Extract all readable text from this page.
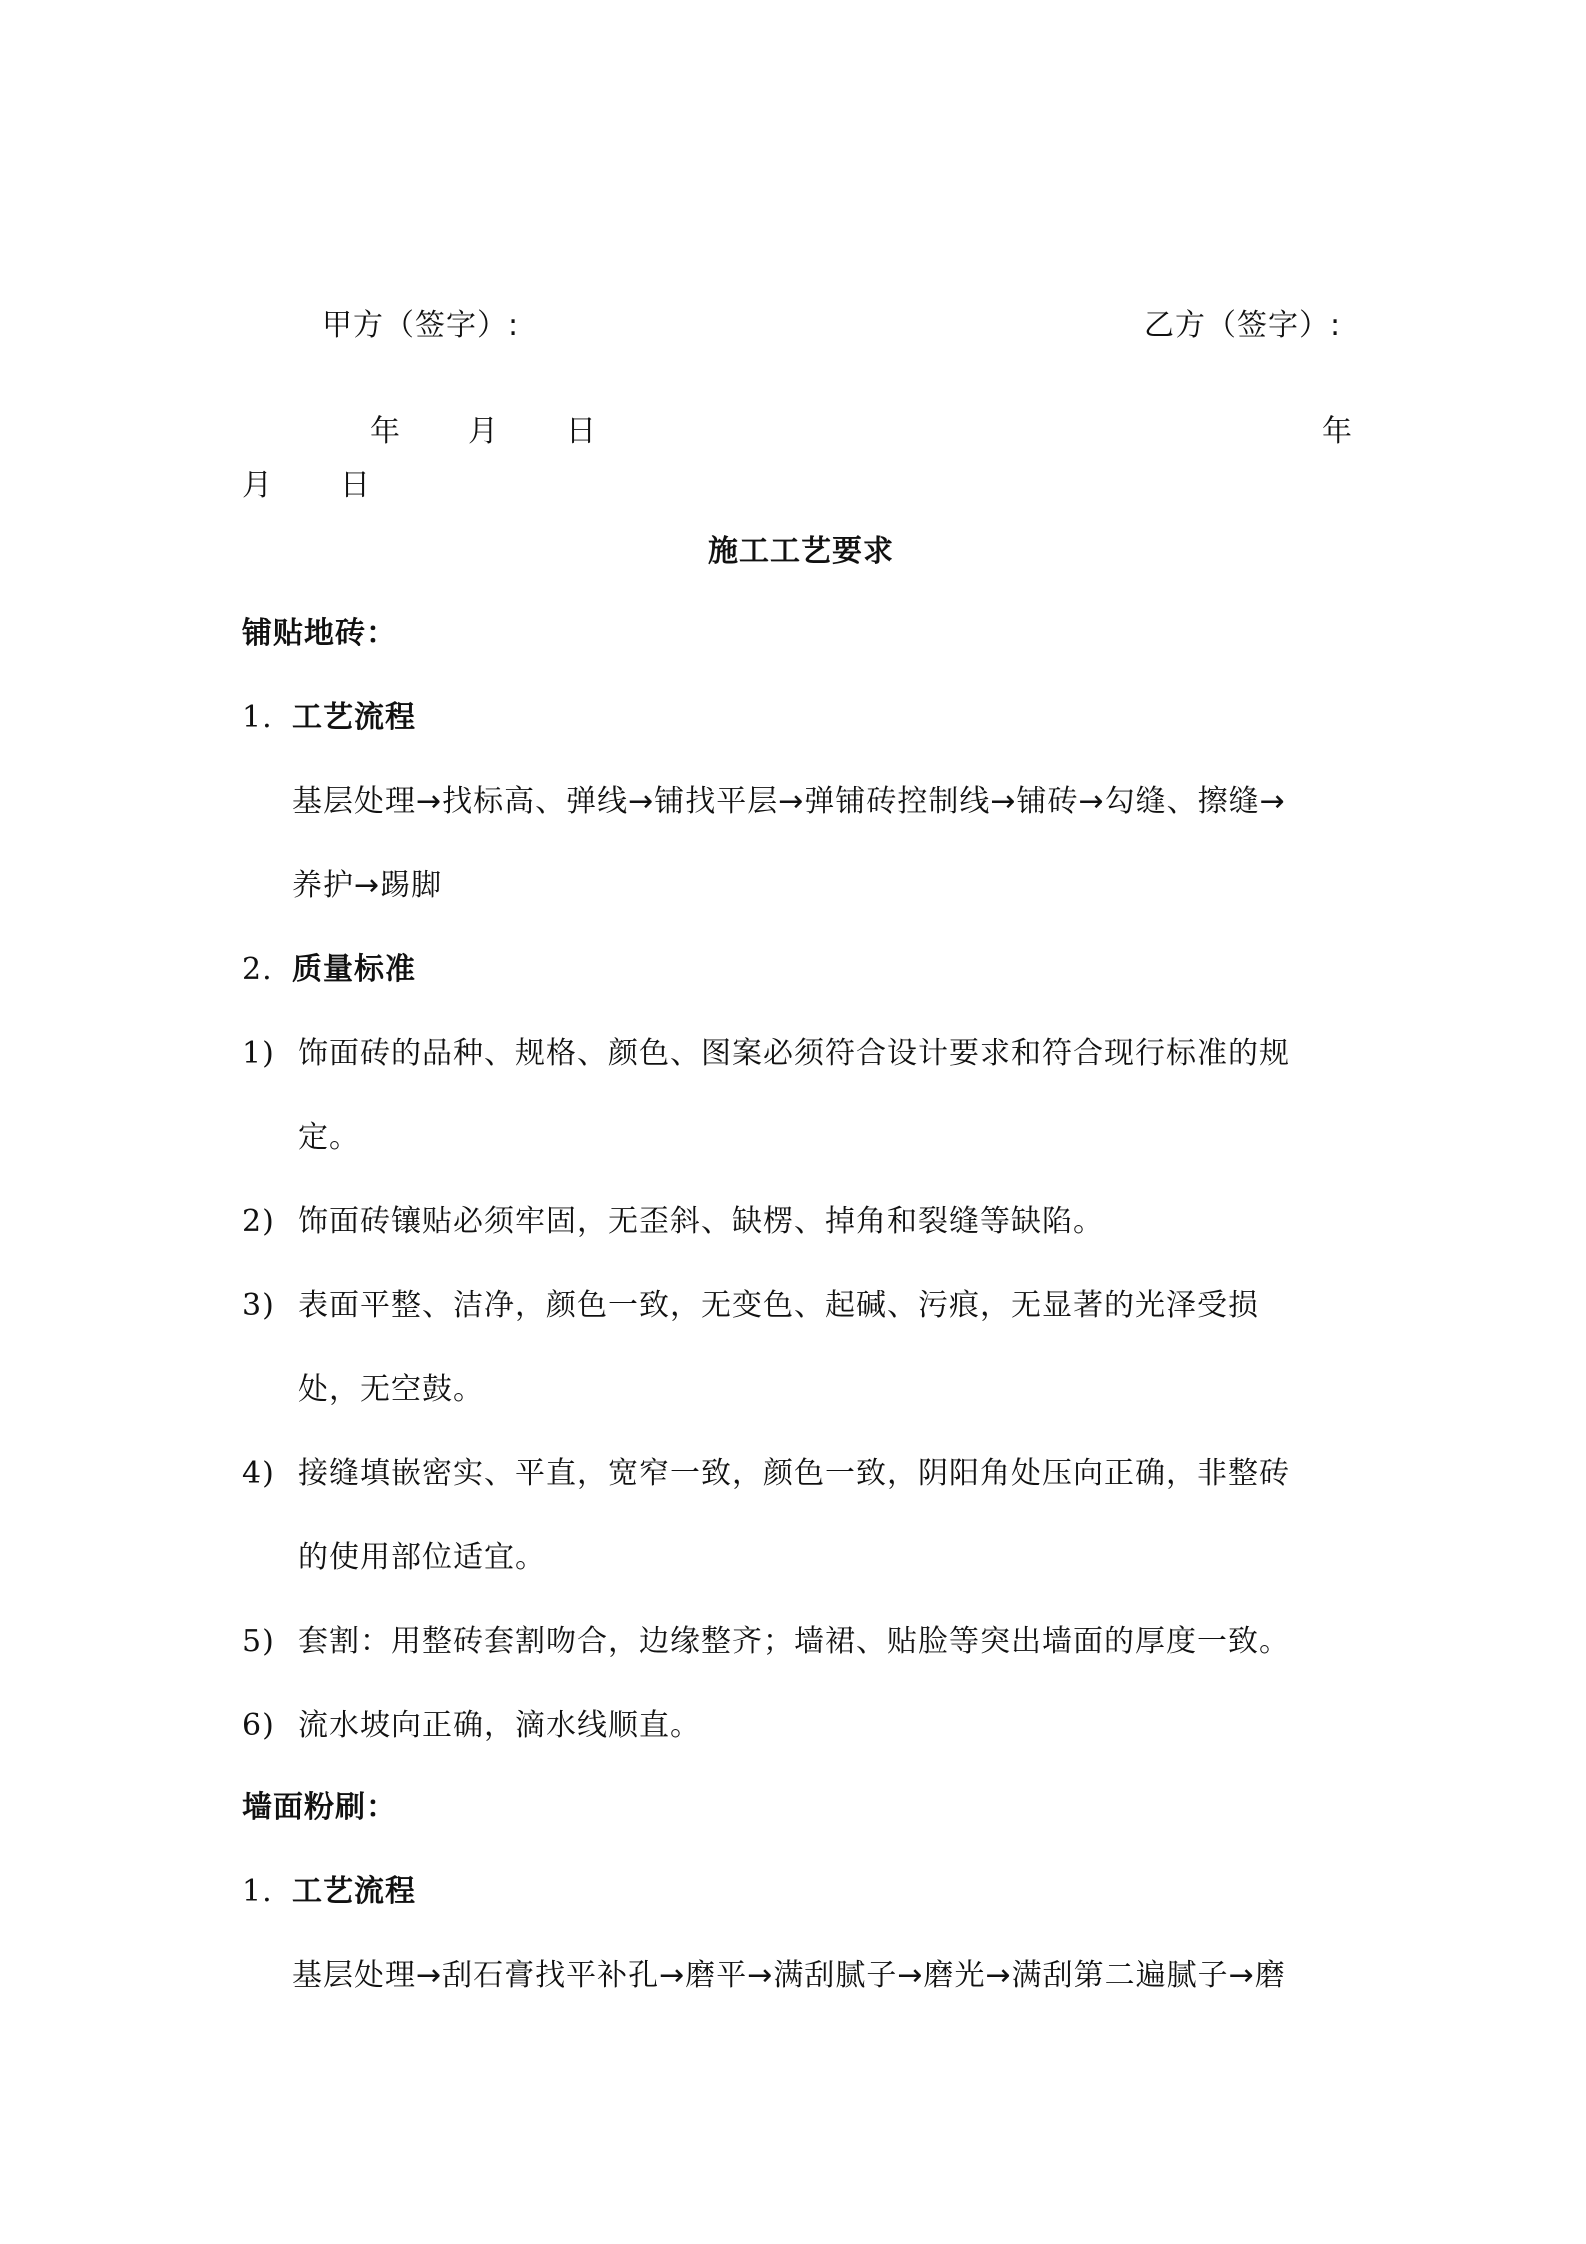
甲方（签字）:	乙方（签字）:
年 月 日	年
月 日
施工工艺要求
铺贴地砖：
1. 工艺流程
基层处理→找标高、弹线→铺找平层→弹铺砖控制线→铺砖→勾缝、擦缝→
养护→踢脚
2. 质量标准
1) 饰面砖的品种、规格、颜色、图案必须符合设计要求和符合现行标准的规
定。
2) 饰面砖镶贴必须牢固，无歪斜、缺楞、掉角和裂缝等缺陷。
3) 表面平整、洁净，颜色一致，无变色、起碱、污痕，无显著的光泽受损
处，无空鼓。
4) 接缝填嵌密实、平直，宽窄一致，颜色一致，阴阳角处压向正确，非整砖
的使用部位适宜。
5) 套割：用整砖套割吻合，边缘整齐；墙裙、贴脸等突出墙面的厚度一致。
6) 流水坡向正确，滴水线顺直。
墙面粉刷：
1. 工艺流程
基层处理→刮石膏找平补孔→磨平→满刮腻子→磨光→满刮第二遍腻子→磨
